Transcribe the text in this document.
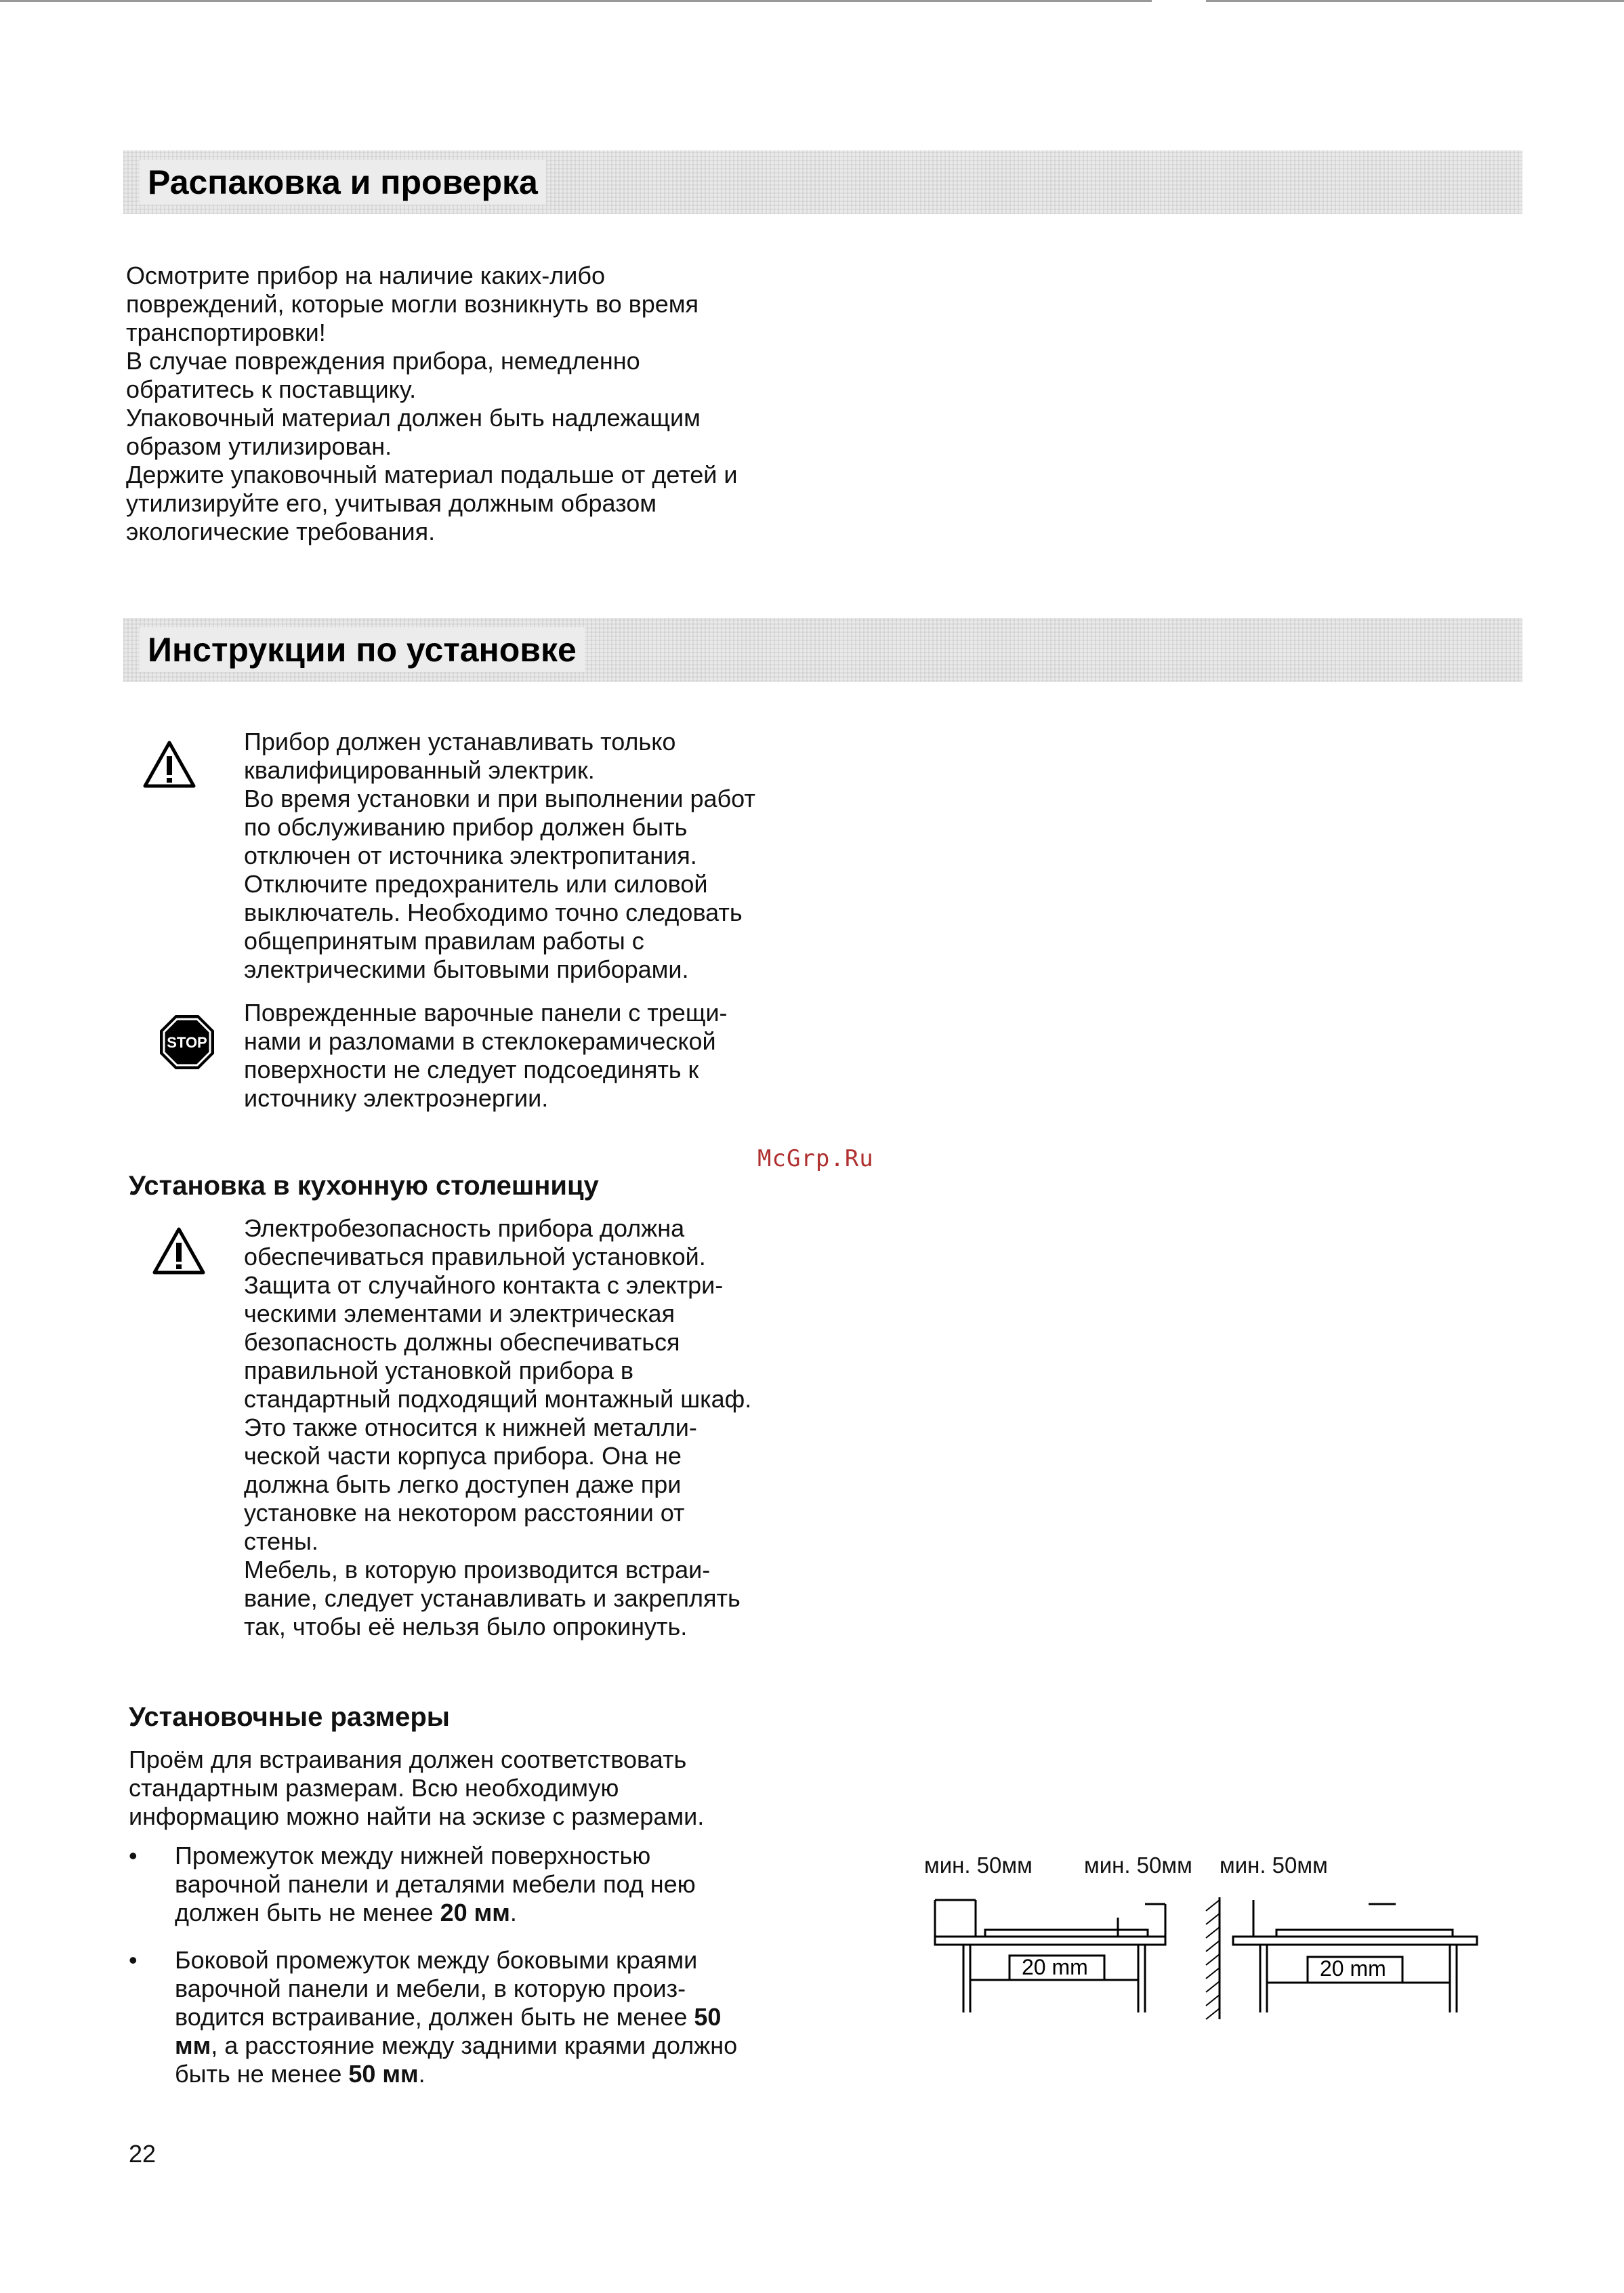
Распаковка и проверка
Осмотрите прибор на наличие каких-либо
повреждений, которые могли возникнуть во время
транспортировки!
В случае повреждения прибора, немедленно
обратитесь к поставщику.
Упаковочный материал должен быть надлежащим
образом утилизирован.
Держите упаковочный материал подальше от детей и
утилизируйте его, учитывая должным образом
экологические требования.
Инструкции по установке
Прибор должен устанавливать только
квалифицированный электрик.
Во время установки и при выполнении работ
по обслуживанию прибор должен быть
отключен от источника электропитания.
Отключите предохранитель или силовой
выключатель. Необходимо точно следовать
общепринятым правилам работы с
электрическими бытовыми приборами.
STOP
Поврежденные варочные панели с трещи-
нами и разломами в стеклокерамической
поверхности не следует подсоединять к
источнику электроэнергии.
McGrp.Ru
Установка в кухонную столешницу
Электробезопасность прибора должна
обеспечиваться правильной установкой.
Защита от случайного контакта с электри-
ческими элементами и электрическая
безопасность должны обеспечиваться
правильной установкой прибора в
стандартный подходящий монтажный шкаф.
Это также относится к нижней металли-
ческой части корпуса прибора. Она не
должна быть легко доступен даже при
установке на некотором расстоянии от
стены.
Мебель, в которую производится встраи-
вание, следует устанавливать и закреплять
так, чтобы её нельзя было опрокинуть.
Установочные размеры
Проём для встраивания должен соответствовать
стандартным размерам. Всю необходимую
информацию можно найти на эскизе с размерами.
• Промежуток между нижней поверхностью
варочной панели и деталями мебели под нею
должен быть не менее 20 мм.
• Боковой промежуток между боковыми краями
варочной панели и мебели, в которую произ-
водится встраивание, должен быть не менее 50
мм, а расстояние между задними краями должно
быть не менее 50 мм.
20 mm	20 mm
мин. 50мм мин. 50мм мин. 50мм
22
